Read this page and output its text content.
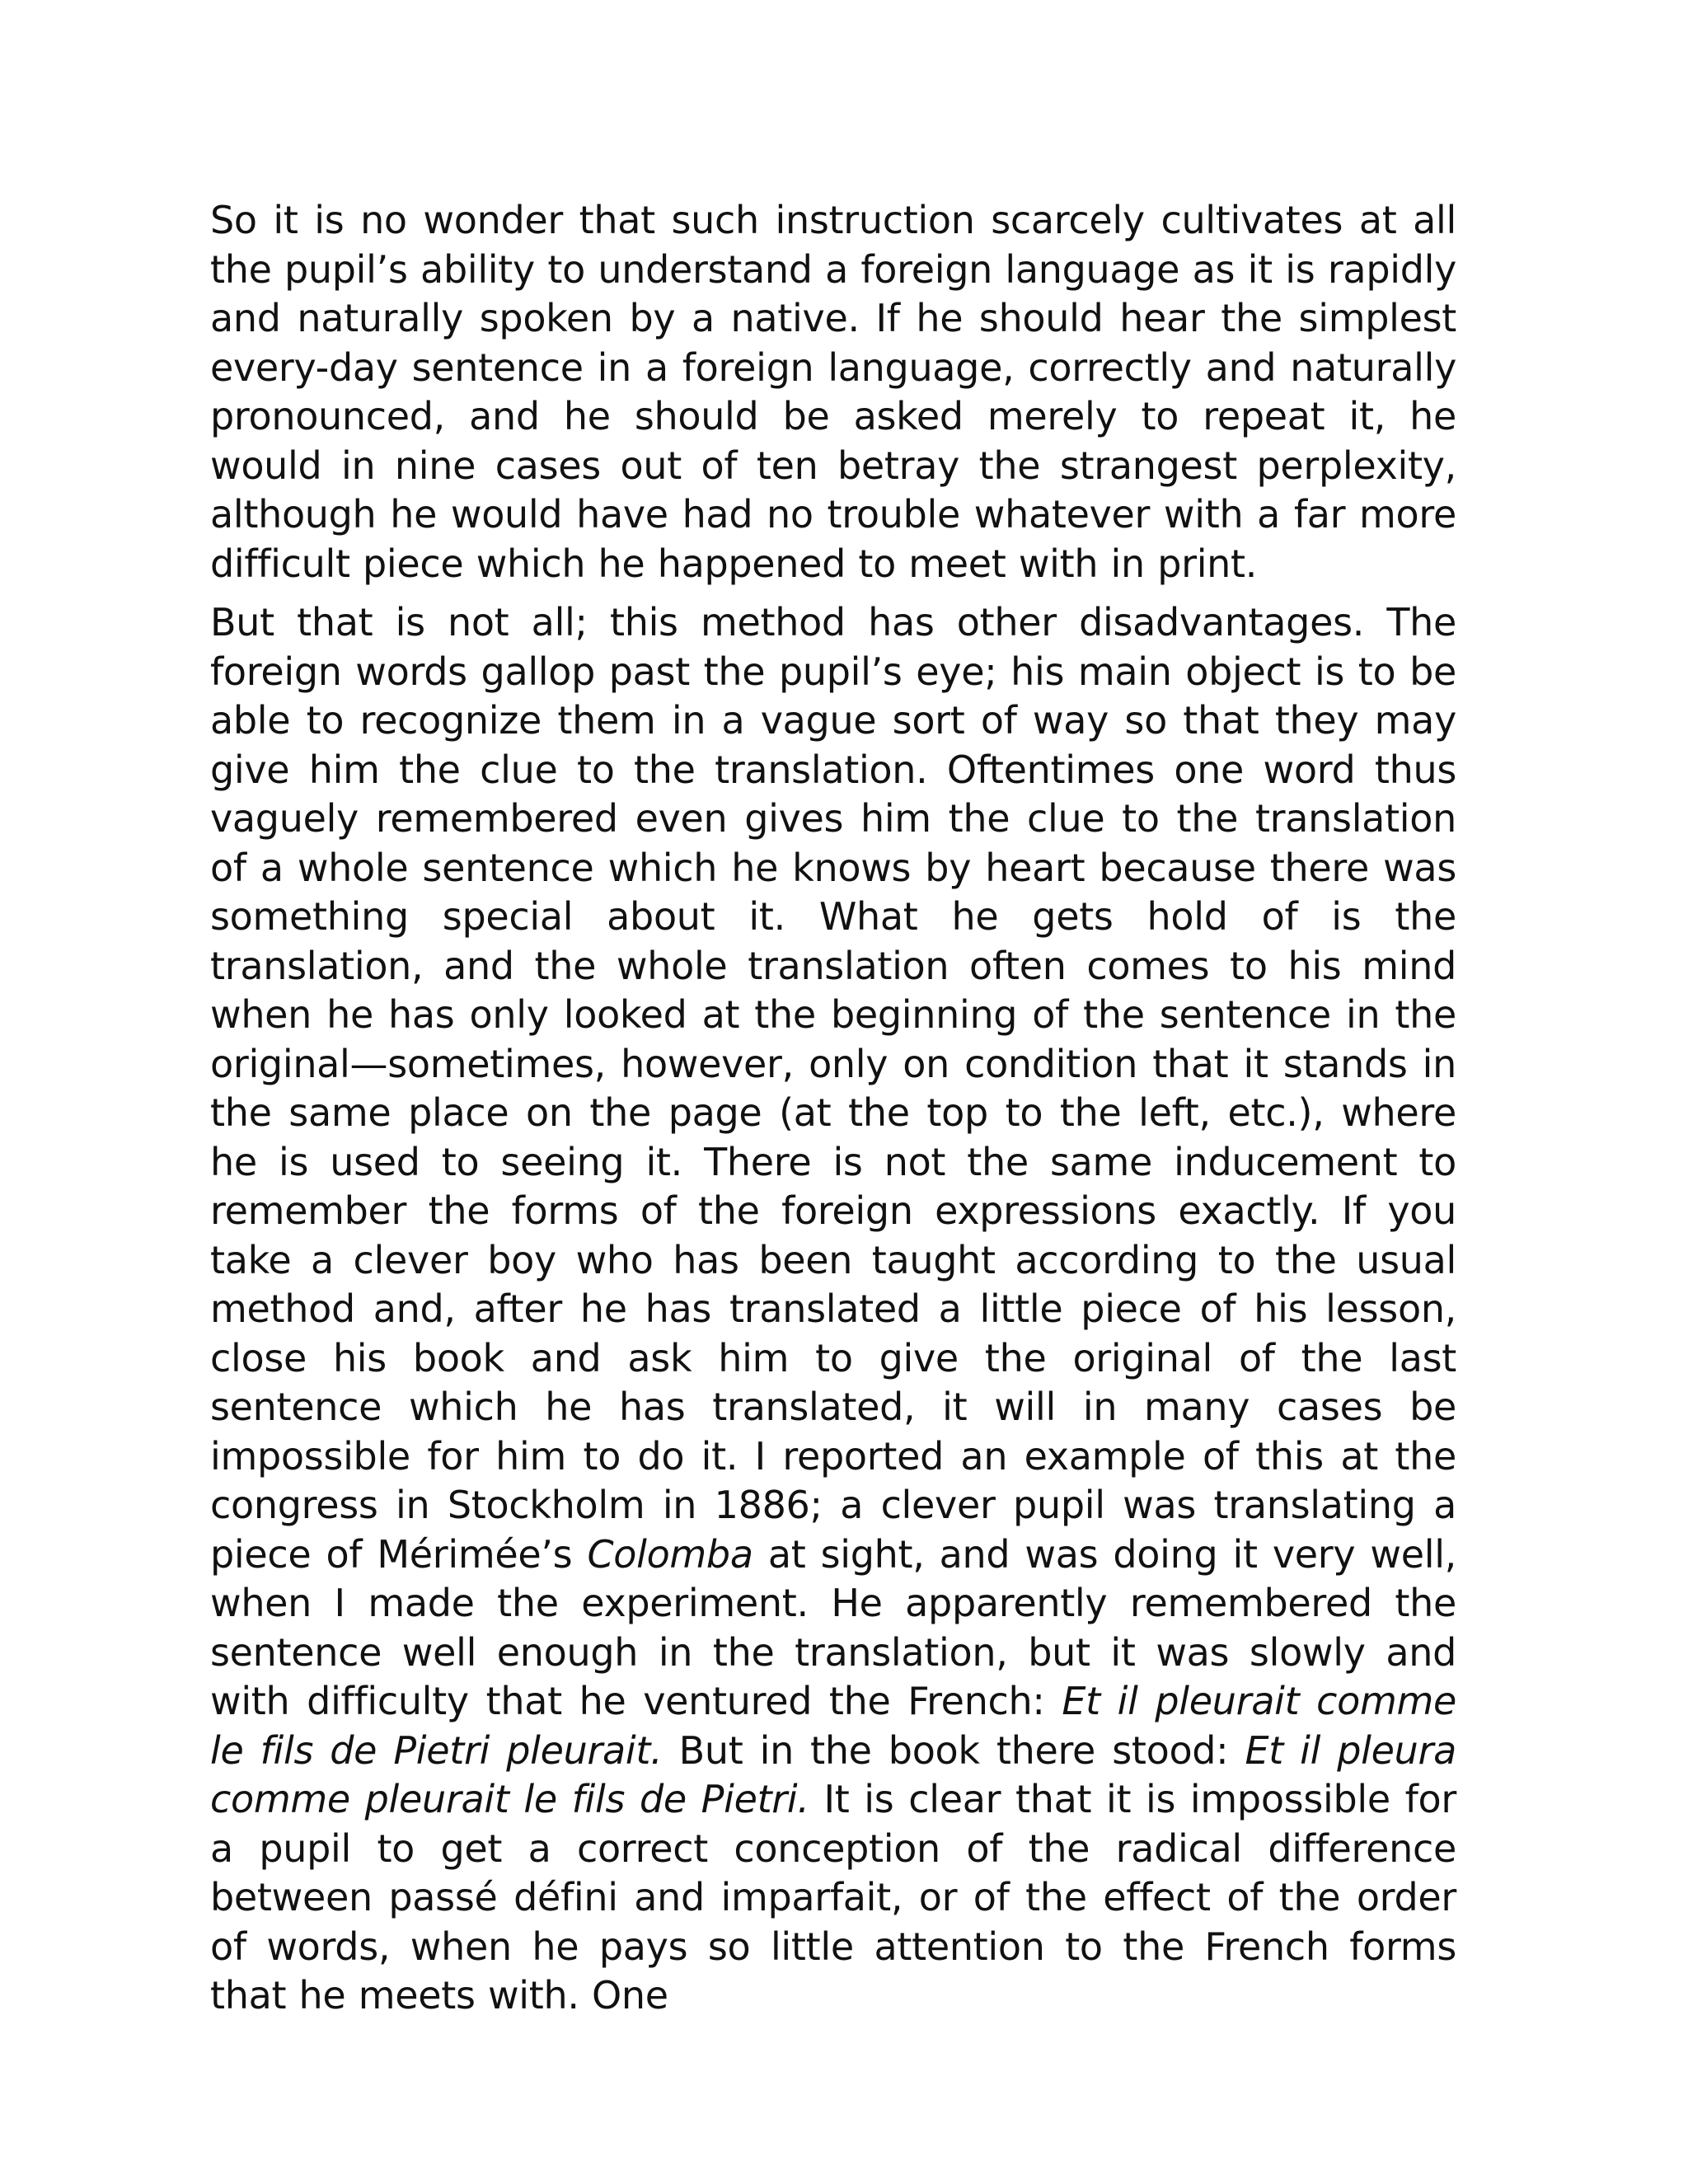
So it is no wonder that such instruction scarcely cultivates at all the pupil’s ability to understand a foreign language as it is rapidly and naturally spoken by a native. If he should hear the simplest every-day sentence in a foreign language, correctly and naturally pronounced, and he should be asked merely to repeat it, he would in nine cases out of ten betray the strangest perplexity, although he would have had no trouble whatever with a far more difficult piece which he happened to meet with in print.

But that is not all; this method has other disadvantages. The foreign words gallop past the pupil’s eye; his main object is to be able to recognize them in a vague sort of way so that they may give him the clue to the translation. Oftentimes one word thus vaguely remembered even gives him the clue to the translation of a whole sentence which he knows by heart because there was something special about it. What he gets hold of is the translation, and the whole translation often comes to his mind when he has only looked at the beginning of the sentence in the original—sometimes, however, only on condition that it stands in the same place on the page (at the top to the left, etc.), where he is used to seeing it. There is not the same inducement to remember the forms of the foreign expressions exactly. If you take a clever boy who has been taught according to the usual method and, after he has translated a little piece of his lesson, close his book and ask him to give the original of the last sentence which he has translated, it will in many cases be impossible for him to do it. I reported an example of this at the congress in Stockholm in 1886; a clever pupil was translating a piece of Mérimée’s Colomba at sight, and was doing it very well, when I made the experiment. He apparently remembered the sentence well enough in the translation, but it was slowly and with difficulty that he ventured the French: Et il pleurait comme le fils de Pietri pleurait. But in the book there stood: Et il pleura comme pleurait le fils de Pietri. It is clear that it is impossible for a pupil to get a correct conception of the radical difference between passé défini and imparfait, or of the effect of the order of words, when he pays so little attention to the French forms that he meets with. One
